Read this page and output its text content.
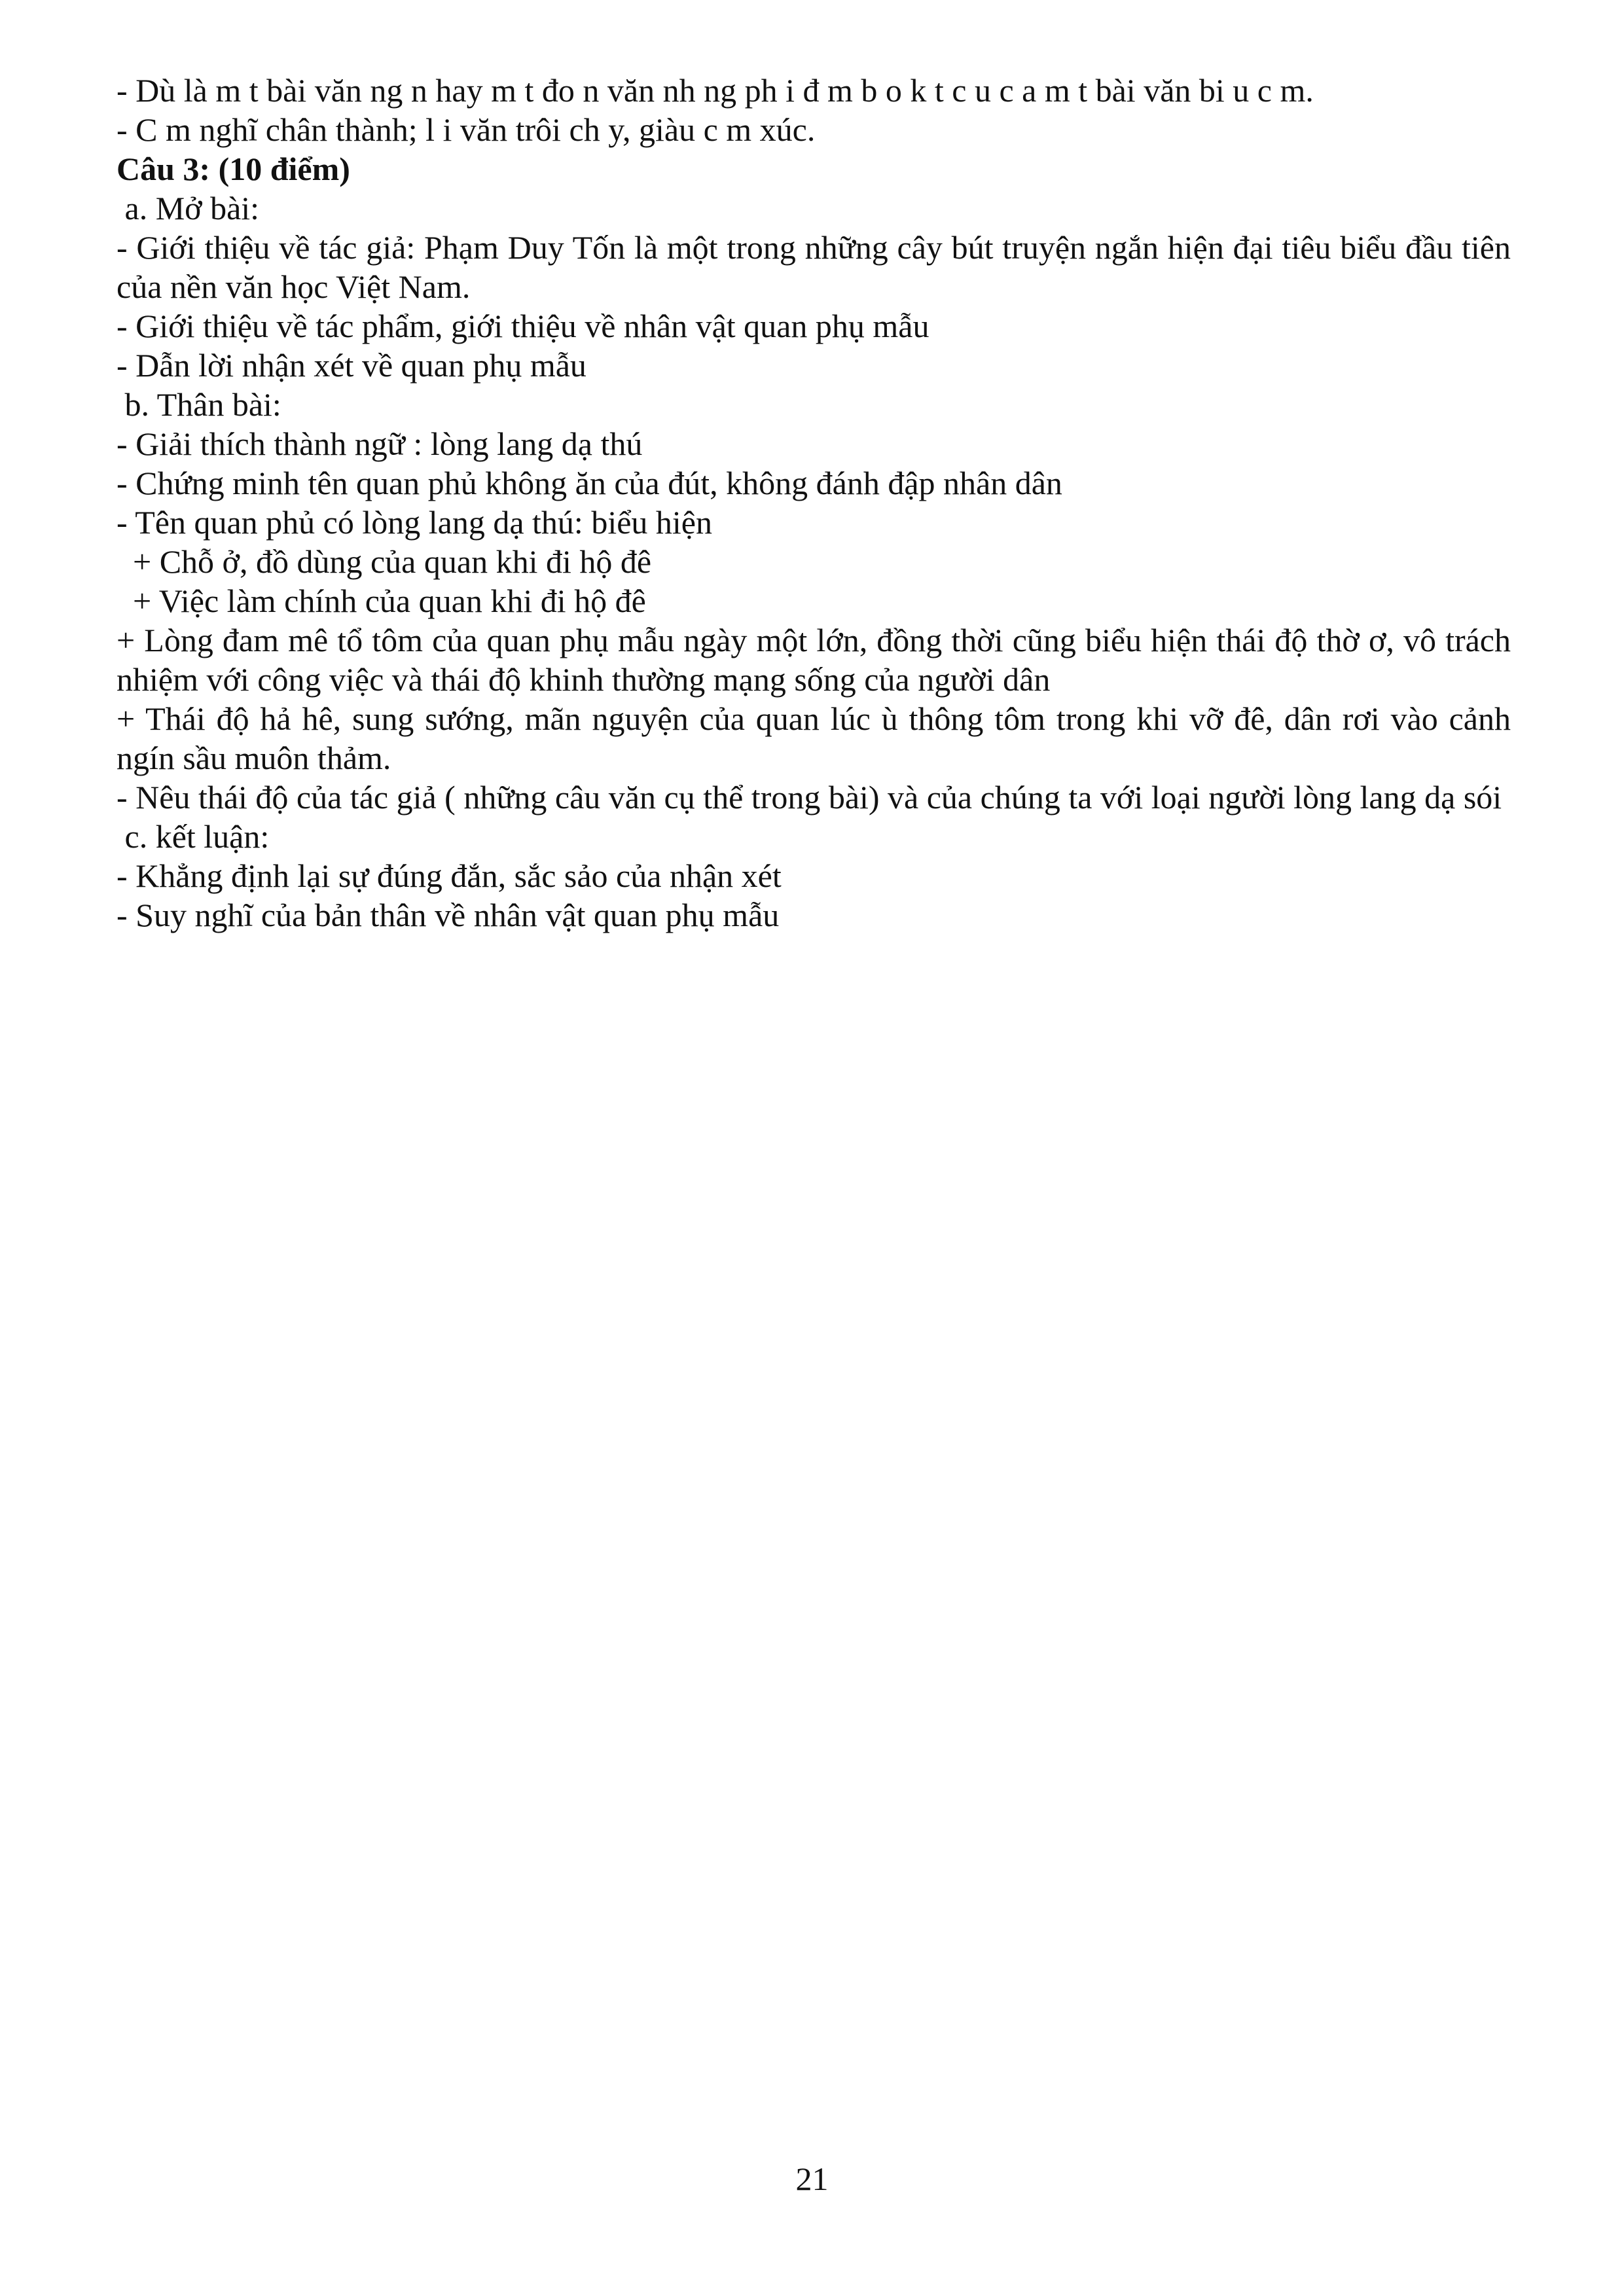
- Dù là m t bài văn ng n hay m t đo n văn nh ng ph i đ m b o k t c u c a m t bài văn bi u c m.
- C m nghĩ chân thành; l i văn trôi ch y, giàu c m xúc.
Câu 3: (10 điểm)
a. Mở bài:
- Giới thiệu về tác giả: Phạm Duy Tốn là một trong những cây bút truyện ngắn hiện đại tiêu biểu đầu tiên của nền văn học Việt Nam.
- Giới thiệu về tác phẩm, giới thiệu về nhân vật quan phụ mẫu
- Dẫn lời nhận xét về quan phụ mẫu
b. Thân bài:
- Giải thích thành ngữ : lòng lang dạ thú
- Chứng minh tên quan phủ không ăn của đút, không đánh đập nhân dân
- Tên quan phủ có lòng lang dạ thú: biểu hiện
+ Chỗ ở, đồ dùng của quan khi đi hộ đê
+ Việc làm chính của quan khi đi hộ đê
+ Lòng đam mê tổ tôm của quan phụ mẫu ngày một lớn, đồng thời cũng biểu hiện thái độ thờ ơ, vô trách nhiệm với công việc và thái độ khinh thường mạng sống của người dân
+ Thái độ hả hê, sung sướng, mãn nguyện của quan lúc ù thông tôm trong khi vỡ đê, dân rơi vào cảnh ngín sầu muôn thảm.
- Nêu thái độ của tác giả ( những câu văn cụ thể trong bài) và của chúng ta với loại người lòng lang dạ sói
c. kết luận:
- Khẳng định lại sự đúng đắn, sắc sảo của nhận xét
- Suy nghĩ của bản thân về nhân vật quan phụ mẫu
21
